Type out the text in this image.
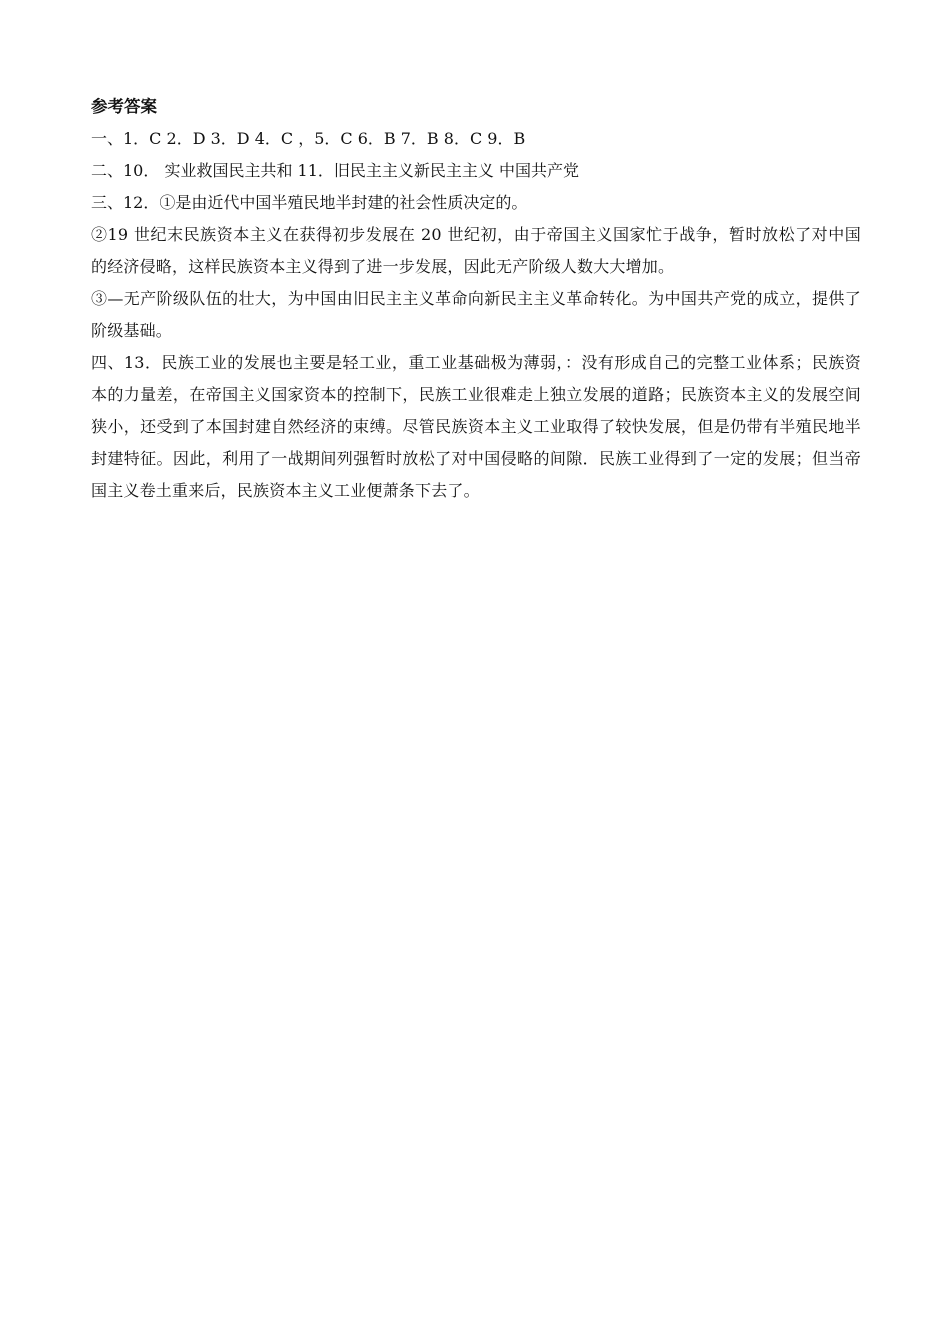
参考答案
一、1．C 2．D 3．D 4．C ，5．C 6．B 7．B 8．C 9．B
二、10． 实业救国民主共和 11．旧民主主义新民主主义 中国共产党
三、12．①是由近代中国半殖民地半封建的社会性质决定的。

②19 世纪末民族资本主义在获得初步发展在 20 世纪初，由于帝国主义国家忙于战争，暂时放松了对中国的经济侵略，这样民族资本主义得到了进一步发展，因此无产阶级人数大大增加。

③—无产阶级队伍的壮大，为中国由旧民主主义革命向新民主主义革命转化。为中国共产党的成立，提供了阶级基础。

四、13．民族工业的发展也主要是轻工业，重工业基础极为薄弱，：没有形成自己的完整工业体系；民族资本的力量差，在帝国主义国家资本的控制下，民族工业很难走上独立发展的道路；民族资本主义的发展空间狭小，还受到了本国封建自然经济的束缚。尽管民族资本主义工业取得了较快发展，但是仍带有半殖民地半封建特征。因此，利用了一战期间列强暂时放松了对中国侵略的间隙．民族工业得到了一定的发展；但当帝国主义卷土重来后，民族资本主义工业便萧条下去了。
